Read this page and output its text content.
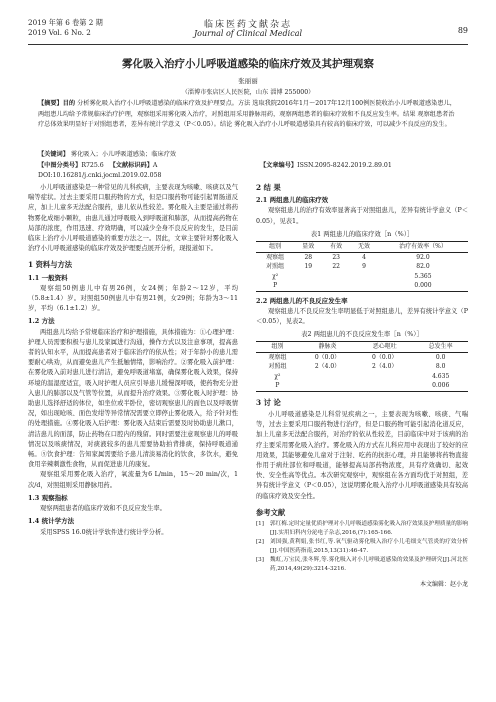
2019 年第 6 卷第 2 期
2019 Vol. 6 No. 2
临床医药文献杂志
Journal of Clinical Medical	89
雾化吸入治疗小儿呼吸道感染的临床疗效及其护理观察
张丽丽
（淄博市张店区人民医院，山东 淄博 255000）
【摘要】目的 分析雾化吸入治疗小儿呼吸道感染的临床疗效及护理要点。方法 选取我院2016年1月～2017年12月100例医院收治小儿呼吸道感染患儿，两组患儿均给予常规临床治疗护理，观察组采用雾化吸入治疗，对照组用采用静脉用药，观察两组患者的临床疗效和不良反应发生率。结果 观察组患者治疗总体效果明显好于对照组患者，差异有统计学意义（P＜0.05）。结论 雾化吸入治疗小儿呼吸道感染具有较高的临床疗效，可以减少不良反应的发生。
【关键词】 雾化吸入；小儿呼吸道感染；临床疗效
【中图分类号】R725.6 【文献标识码】A	【文章编号】ISSN.2095-8242.2019.2.89.01
DOI:10.16281/j.cnki.jocml.2019.02.058

小儿呼吸道感染是一种常见的儿科疾病，主要表现为咳嗽、咳痰以及气喘等症状。过去主要采用口服药物的方式，但是口服药物可能引起胃肠道反应，加上儿童多无法配合服药，患儿依从性较差。雾化吸入主要是通过将药物雾化成细小颗粒，由患儿通过呼吸吸入到呼吸道和肺部，从而提高药物在局部的浓度，作用迅速、疗效明确，可以减少全身不良反应的发生，是目前临床上治疗小儿呼吸道感染的重要方法之一。因此，文章主要针对雾化吸入治疗小儿呼吸道感染的临床疗效及护理要点展开分析，现报道如下。

1 资料与方法
1.1 一般资料

观察组50例患儿中有男26例，女24例；年龄2～12岁，平均（5.8±1.4）岁。对照组50例患儿中有男21例，女29例；年龄为3～11岁，平均（6.1±1.2）岁。

1.2 方法

两组患儿均给予常规临床治疗和护理措施，具体措施为：①心理护理：护理人员需要积极与患儿及家属进行沟通，操作方式以及注意事项，提高患者的认知水平，从而提高患者对于临床治疗的依从性；对于年龄小的患儿需要耐心哄劝，从而避免患儿产生抵触情绪，影响治疗。②雾化吸入前护理：在雾化吸入前对患儿进行清洁，避免呼吸道堵塞，确保雾化吸入效果，保持环境的温湿度适宜，吸入时护理人员应引导患儿缓慢深呼吸，使药物充分进入患儿的肺部以及气管等位置，从而提升治疗效果。③雾化吸入时护理：协助患儿选择舒适的体位，如坐位或半卧位，密切观察患儿的面色以及呼吸情况，如出现呛咳、面色发绀等异常情况需要立即停止雾化吸入，给予针对性的处理措施。④雾化吸入后护理：雾化吸入结束后需要及时协助患儿漱口，清洁患儿的面部，防止药物在口腔内的残留。同时需要注意观察患儿的呼吸情况以及咳痰情况，对痰液较多的患儿需要协助拍背排痰，保持呼吸道通畅。⑤饮食护理：告知家属需要给予患儿清淡易消化的饮食，多饮水，避免食用辛辣刺激性食物，从而促进患儿的康复。

观察组采用雾化吸入治疗，氧流量为6 L/min，15～20 min/次，1次/d，对照组则采用静脉用药。

1.3 观察指标

观察两组患者的临床疗效和不良反应发生率。

1.4 统计学方法

采用SPSS 16.0统计学软件进行统计学分析。

2 结 果
2.1 两组患儿的临床疗效

观察组患儿的治疗有效率显著高于对照组患儿，差异有统计学意义（P＜0.05），见表1。

表1 两组患儿的临床疗效［n（%）］
组别	显效	有效	无效	治疗有效率（%）
观察组	28	23	4	92.0
对照组	19	22	9	82.0
χ²				5.365
P				0.000
2.2 两组患儿的不良反应发生率

观察组患儿不良反应发生率明显低于对照组患儿，差异有统计学意义（P＜0.05），见表2。

表2 两组患儿的不良反应发生率［n（%）］
组别	静脉炎	恶心呕吐	总发生率
观察组	0（0.0）	0（0.0）	0.0
对照组	2（4.0）	2（4.0）	8.0
χ²			4.635
P			0.006
3 讨 论

小儿呼吸道感染是儿科常见疾病之一，主要表现为咳嗽、咳痰、气喘等，过去主要采用口服药物进行治疗，但是口服药物可能引起消化道反应，加上儿童多无法配合服药，对治疗的依从性较差，目前临床中对于该病的治疗主要采用雾化吸入治疗。雾化吸入的方式在儿科应用中表现出了较好的应用效果，其能够避免儿童对于注射、吃药的抗拒心理，并且能够将药物直接作用于病灶部位和呼吸道，能够提高局部药物浓度，具有疗效确切、起效快、安全性高等优点。本次研究观察中，观察组在各方面均优于对照组，差异有统计学意义（P＜0.05），这说明雾化吸入治疗小儿呼吸道感染具有较高的临床疗效及安全性。

参考文献
[1]	郭红梅.定时定量优质护理对小儿呼吸道感染雾化吸入治疗效果及护理质量的影响[J].实用妇科内分泌电子杂志,2016,(7):165-166.
[2]	刘国强,黄利娟,张书红,等.氧气驱动雾化吸入治疗小儿毛细支气管炎的疗效分析[J].中国医药指南,2015,13(31):46-47.
[3]	魏虹,万宝民,张冬辉,等.雾化吸入对小儿呼吸道感染的效果及护理研究[J].河北医药,2014,49(29):3214-3216.
本文编辑：赵小龙
